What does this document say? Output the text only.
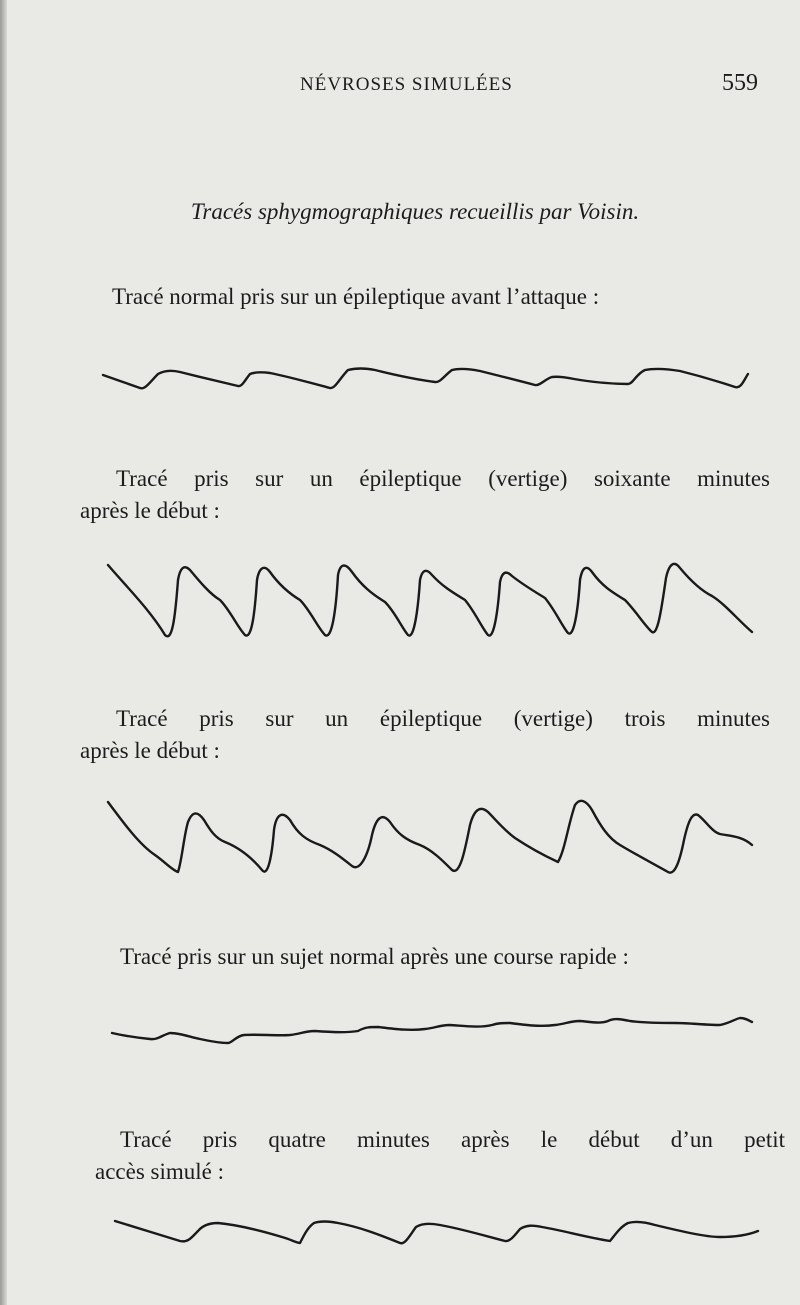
NÉVROSES SIMULÉES	559
Tracés sphygmographiques recueillis par Voisin.
Tracé normal pris sur un épileptique avant l’attaque :
Tracé pris sur un épileptique (vertige) soixante minutes
après le début :
Tracé pris sur un épileptique (vertige) trois minutes
après le début :
Tracé pris sur un sujet normal après une course rapide :
Tracé pris quatre minutes après le début d’un petit
accès simulé :
